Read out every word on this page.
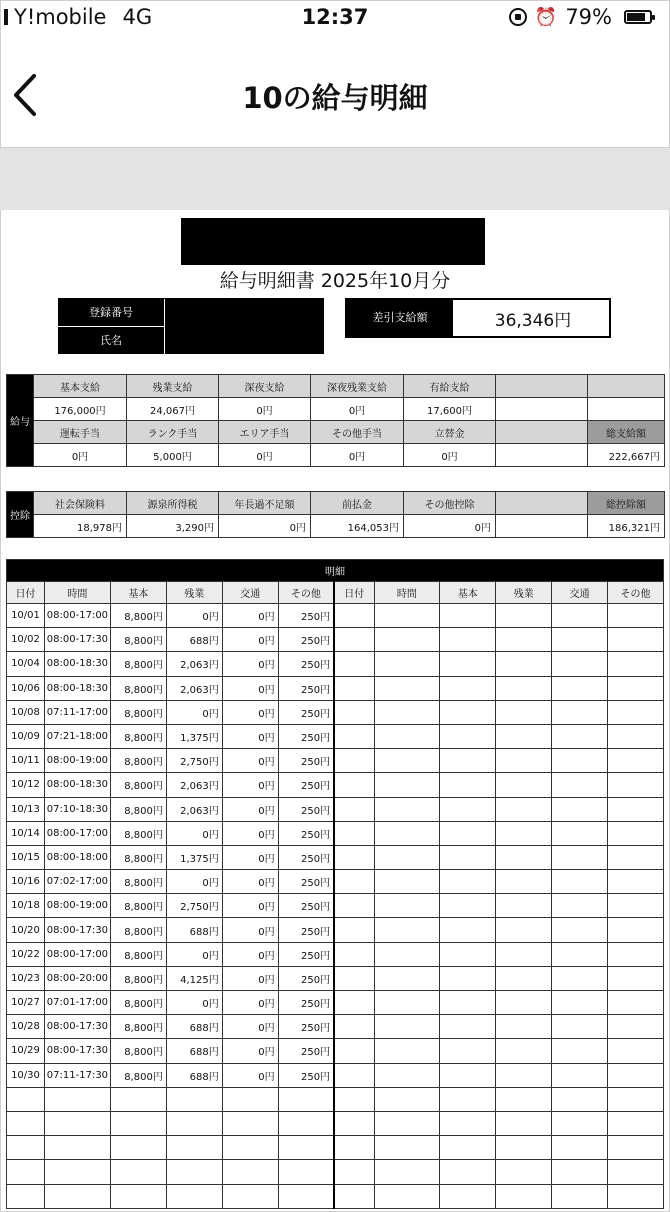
Y!mobile 4G	12:37	⏰ 79%
10の給与明細
給与明細書 2025年10月分
登録番号
氏名
差引支給額	36,346円
給与	基本支給	残業支給	深夜支給	深夜残業支給	有給支給		
	176,000円	24,067円	0円	0円	17,600円		
	運転手当	ランク手当	エリア手当	その他手当	立替金		総支給額
	0円	5,000円	0円	0円	0円		222,667円
控除	社会保険料	源泉所得税	年長過不足額	前払金	その他控除		総控除額
	18,978円	3,290円	0円	164,053円	0円		186,321円
明細											
日付	時間	基本	残業	交通	その他	日付	時間	基本	残業	交通	その他
10/01	08:00-17:00	8,800円	0円	0円	250円						
10/02	08:00-17:30	8,800円	688円	0円	250円						
10/04	08:00-18:30	8,800円	2,063円	0円	250円						
10/06	08:00-18:30	8,800円	2,063円	0円	250円						
10/08	07:11-17:00	8,800円	0円	0円	250円						
10/09	07:21-18:00	8,800円	1,375円	0円	250円						
10/11	08:00-19:00	8,800円	2,750円	0円	250円						
10/12	08:00-18:30	8,800円	2,063円	0円	250円						
10/13	07:10-18:30	8,800円	2,063円	0円	250円						
10/14	08:00-17:00	8,800円	0円	0円	250円						
10/15	08:00-18:00	8,800円	1,375円	0円	250円						
10/16	07:02-17:00	8,800円	0円	0円	250円						
10/18	08:00-19:00	8,800円	2,750円	0円	250円						
10/20	08:00-17:30	8,800円	688円	0円	250円						
10/22	08:00-17:00	8,800円	0円	0円	250円						
10/23	08:00-20:00	8,800円	4,125円	0円	250円						
10/27	07:01-17:00	8,800円	0円	0円	250円						
10/28	08:00-17:30	8,800円	688円	0円	250円						
10/29	08:00-17:30	8,800円	688円	0円	250円						
10/30	07:11-17:30	8,800円	688円	0円	250円						
